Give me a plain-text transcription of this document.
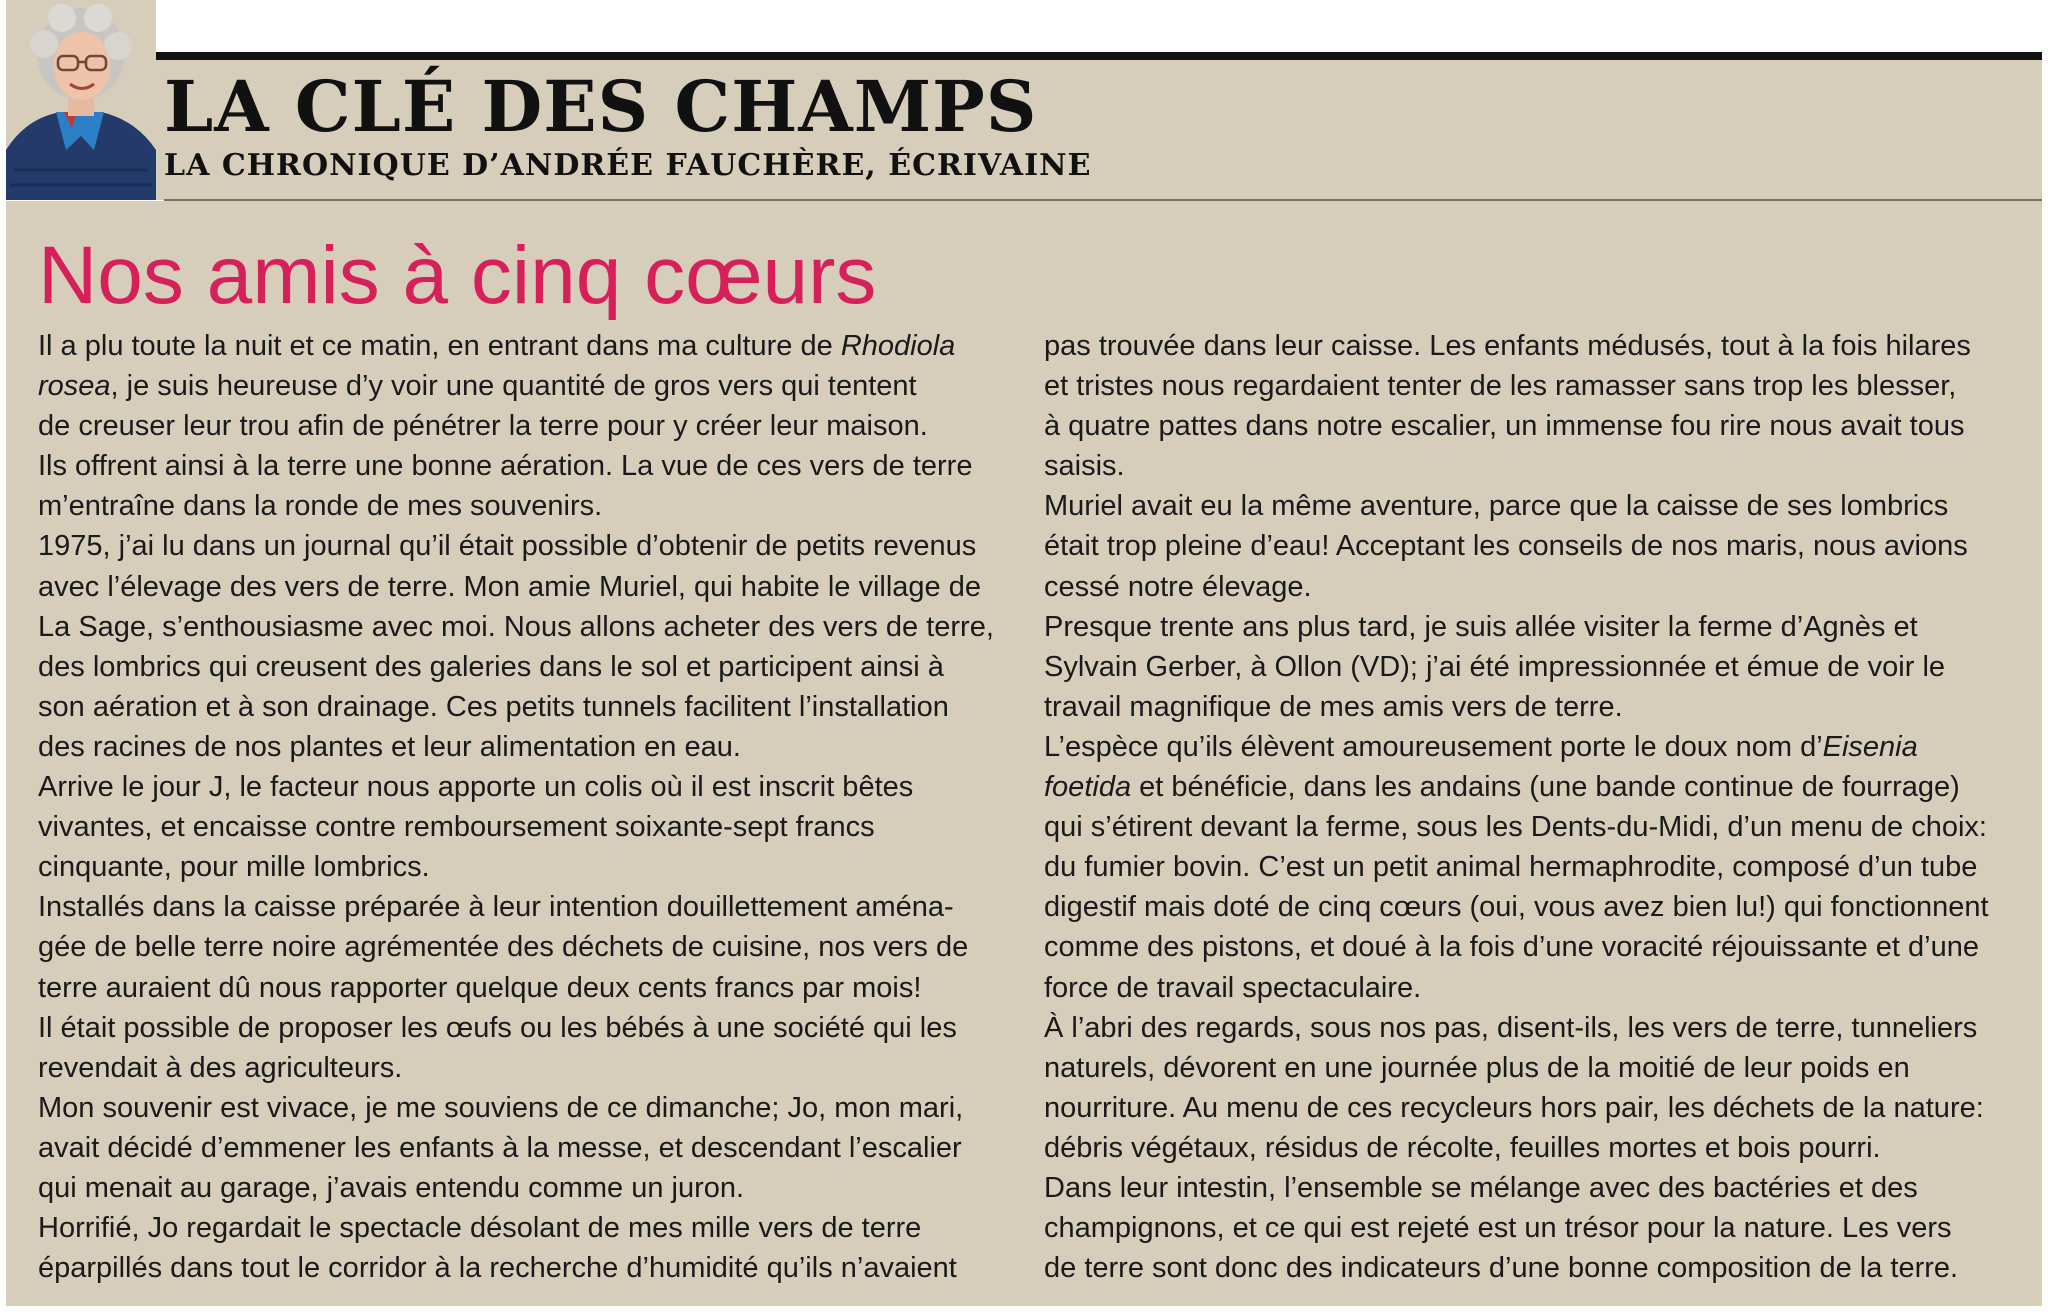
LA CLÉ DES CHAMPS
LA CHRONIQUE D’ANDRÉE FAUCHÈRE, ÉCRIVAINE
Nos amis à cinq cœurs
Il a plu toute la nuit et ce matin, en entrant dans ma culture de Rhodiola
rosea, je suis heureuse d’y voir une quantité de gros vers qui tentent
de creuser leur trou afin de pénétrer la terre pour y créer leur maison.
Ils offrent ainsi à la terre une bonne aération. La vue de ces vers de terre
m’entraîne dans la ronde de mes souvenirs.
1975, j’ai lu dans un journal qu’il était possible d’obtenir de petits revenus
avec l’élevage des vers de terre. Mon amie Muriel, qui habite le village de
La Sage, s’enthousiasme avec moi. Nous allons acheter des vers de terre,
des lombrics qui creusent des galeries dans le sol et participent ainsi à
son aération et à son drainage. Ces petits tunnels facilitent l’installation
des racines de nos plantes et leur alimentation en eau.
Arrive le jour J, le facteur nous apporte un colis où il est inscrit bêtes
vivantes, et encaisse contre remboursement soixante-sept francs
cinquante, pour mille lombrics.
Installés dans la caisse préparée à leur intention douillettement aména-
gée de belle terre noire agrémentée des déchets de cuisine, nos vers de
terre auraient dû nous rapporter quelque deux cents francs par mois!
Il était possible de proposer les œufs ou les bébés à une société qui les
revendait à des agriculteurs.
Mon souvenir est vivace, je me souviens de ce dimanche; Jo, mon mari,
avait décidé d’emmener les enfants à la messe, et descendant l’escalier
qui menait au garage, j’avais entendu comme un juron.
Horrifié, Jo regardait le spectacle désolant de mes mille vers de terre
éparpillés dans tout le corridor à la recherche d’humidité qu’ils n’avaient
pas trouvée dans leur caisse. Les enfants médusés, tout à la fois hilares
et tristes nous regardaient tenter de les ramasser sans trop les blesser,
à quatre pattes dans notre escalier, un immense fou rire nous avait tous
saisis.
Muriel avait eu la même aventure, parce que la caisse de ses lombrics
était trop pleine d’eau! Acceptant les conseils de nos maris, nous avions
cessé notre élevage.
Presque trente ans plus tard, je suis allée visiter la ferme d’Agnès et
Sylvain Gerber, à Ollon (VD); j’ai été impressionnée et émue de voir le
travail magnifique de mes amis vers de terre.
L’espèce qu’ils élèvent amoureusement porte le doux nom d’Eisenia
foetida et bénéficie, dans les andains (une bande continue de fourrage)
qui s’étirent devant la ferme, sous les Dents-du-Midi, d’un menu de choix:
du fumier bovin. C’est un petit animal hermaphrodite, composé d’un tube
digestif mais doté de cinq cœurs (oui, vous avez bien lu!) qui fonctionnent
comme des pistons, et doué à la fois d’une voracité réjouissante et d’une
force de travail spectaculaire.
À l’abri des regards, sous nos pas, disent-ils, les vers de terre, tunneliers
naturels, dévorent en une journée plus de la moitié de leur poids en
nourriture. Au menu de ces recycleurs hors pair, les déchets de la nature:
débris végétaux, résidus de récolte, feuilles mortes et bois pourri.
Dans leur intestin, l’ensemble se mélange avec des bactéries et des
champignons, et ce qui est rejeté est un trésor pour la nature. Les vers
de terre sont donc des indicateurs d’une bonne composition de la terre.
